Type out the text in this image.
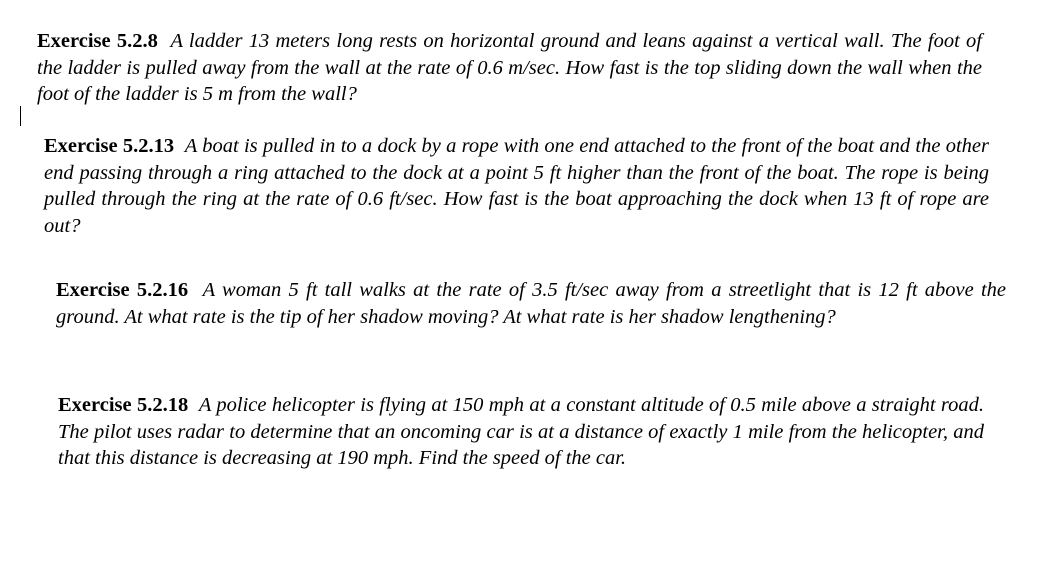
Exercise 5.2.8 A ladder 13 meters long rests on horizontal ground and leans against a vertical wall. The foot of the ladder is pulled away from the wall at the rate of 0.6 m/sec. How fast is the top sliding down the wall when the foot of the ladder is 5 m from the wall?

Exercise 5.2.13 A boat is pulled in to a dock by a rope with one end attached to the front of the boat and the other end passing through a ring attached to the dock at a point 5 ft higher than the front of the boat. The rope is being pulled through the ring at the rate of 0.6 ft/sec. How fast is the boat approaching the dock when 13 ft of rope are out?

Exercise 5.2.16 A woman 5 ft tall walks at the rate of 3.5 ft/sec away from a streetlight that is 12 ft above the ground. At what rate is the tip of her shadow moving? At what rate is her shadow lengthening?

Exercise 5.2.18 A police helicopter is flying at 150 mph at a constant altitude of 0.5 mile above a straight road. The pilot uses radar to determine that an oncoming car is at a distance of exactly 1 mile from the helicopter, and that this distance is decreasing at 190 mph. Find the speed of the car.
